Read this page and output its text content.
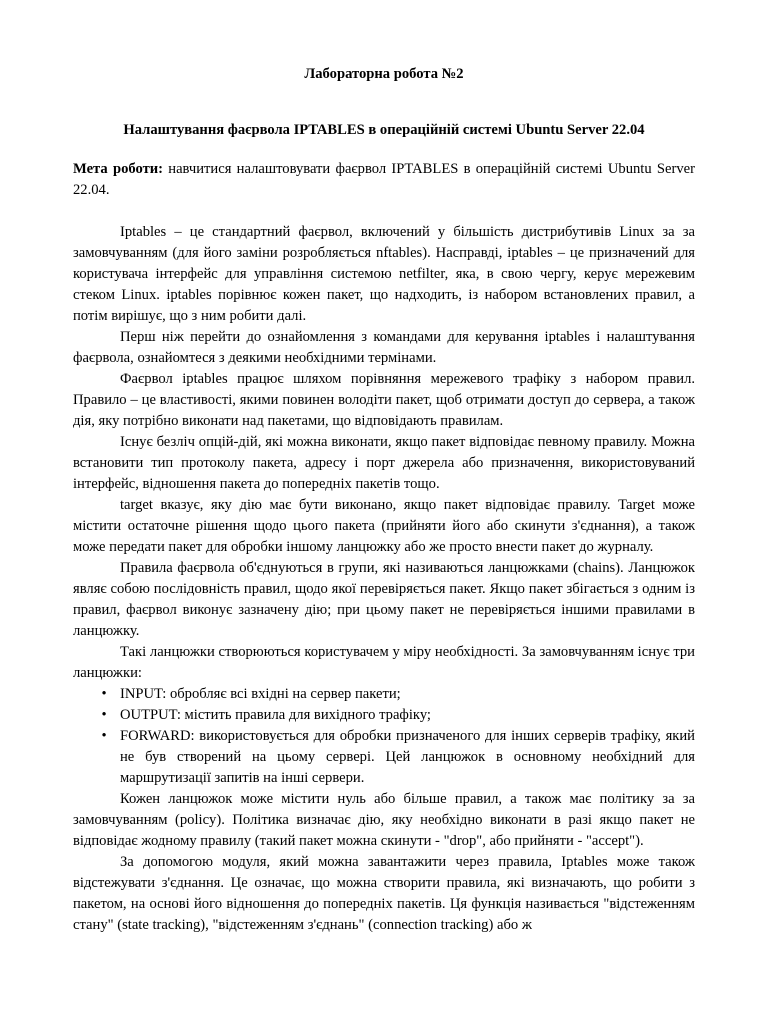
Лабораторна робота №2

Налаштування фаєрвола IPTABLES в операційній системі Ubuntu Server 22.04

Мета роботи: навчитися налаштовувати фаєрвол IPTABLES в операційній системі Ubuntu Server 22.04.

Iptables – це стандартний фаєрвол, включений у більшість дистрибутивів Linux за за замовчуванням (для його заміни розробляється nftables). Насправді, iptables – це призначений для користувача інтерфейс для управління системою netfilter, яка, в свою чергу, керує мережевим стеком Linux. iptables порівнює кожен пакет, що надходить, із набором встановлених правил, а потім вирішує, що з ним робити далі.

Перш ніж перейти до ознайомлення з командами для керування iptables і налаштування фаєрвола, ознайомтеся з деякими необхідними термінами.

Фаєрвол iptables працює шляхом порівняння мережевого трафіку з набором правил. Правило – це властивості, якими повинен володіти пакет, щоб отримати доступ до сервера, а також дія, яку потрібно виконати над пакетами, що відповідають правилам.

Існує безліч опцій-дій, які можна виконати, якщо пакет відповідає певному правилу. Можна встановити тип протоколу пакета, адресу і порт джерела або призначення, використовуваний інтерфейс, відношення пакета до попередніх пакетів тощо.

target вказує, яку дію має бути виконано, якщо пакет відповідає правилу. Target може містити остаточне рішення щодо цього пакета (прийняти його або скинути з'єднання), а також може передати пакет для обробки іншому ланцюжку або же просто внести пакет до журналу.

Правила фаєрвола об'єднуються в групи, які називаються ланцюжками (chains). Ланцюжок являє собою послідовність правил, щодо якої перевіряється пакет. Якщо пакет збігається з одним із правил, фаєрвол виконує зазначену дію; при цьому пакет не перевіряється іншими правилами в ланцюжку.

Такі ланцюжки створюються користувачем у міру необхідності. За замовчуванням існує три ланцюжки:

• INPUT: обробляє всі вхідні на сервер пакети;
• OUTPUT: містить правила для вихідного трафіку;
• FORWARD: використовується для обробки призначеного для інших серверів трафіку, який не був створений на цьому сервері. Цей ланцюжок в основному необхідний для маршрутизації запитів на інші сервери.

Кожен ланцюжок може містити нуль або більше правил, а також має політику за за замовчуванням (policy). Політика визначає дію, яку необхідно виконати в разі якщо пакет не відповідає жодному правилу (такий пакет можна скинути - "drop", або прийняти - "accept").

За допомогою модуля, який можна завантажити через правила, Iptables може також відстежувати з'єднання. Це означає, що можна створити правила, які визначають, що робити з пакетом, на основі його відношення до попередніх пакетів. Ця функція називається "відстеженням стану" (state tracking), "відстеженням з'єднань" (connection tracking) або ж
